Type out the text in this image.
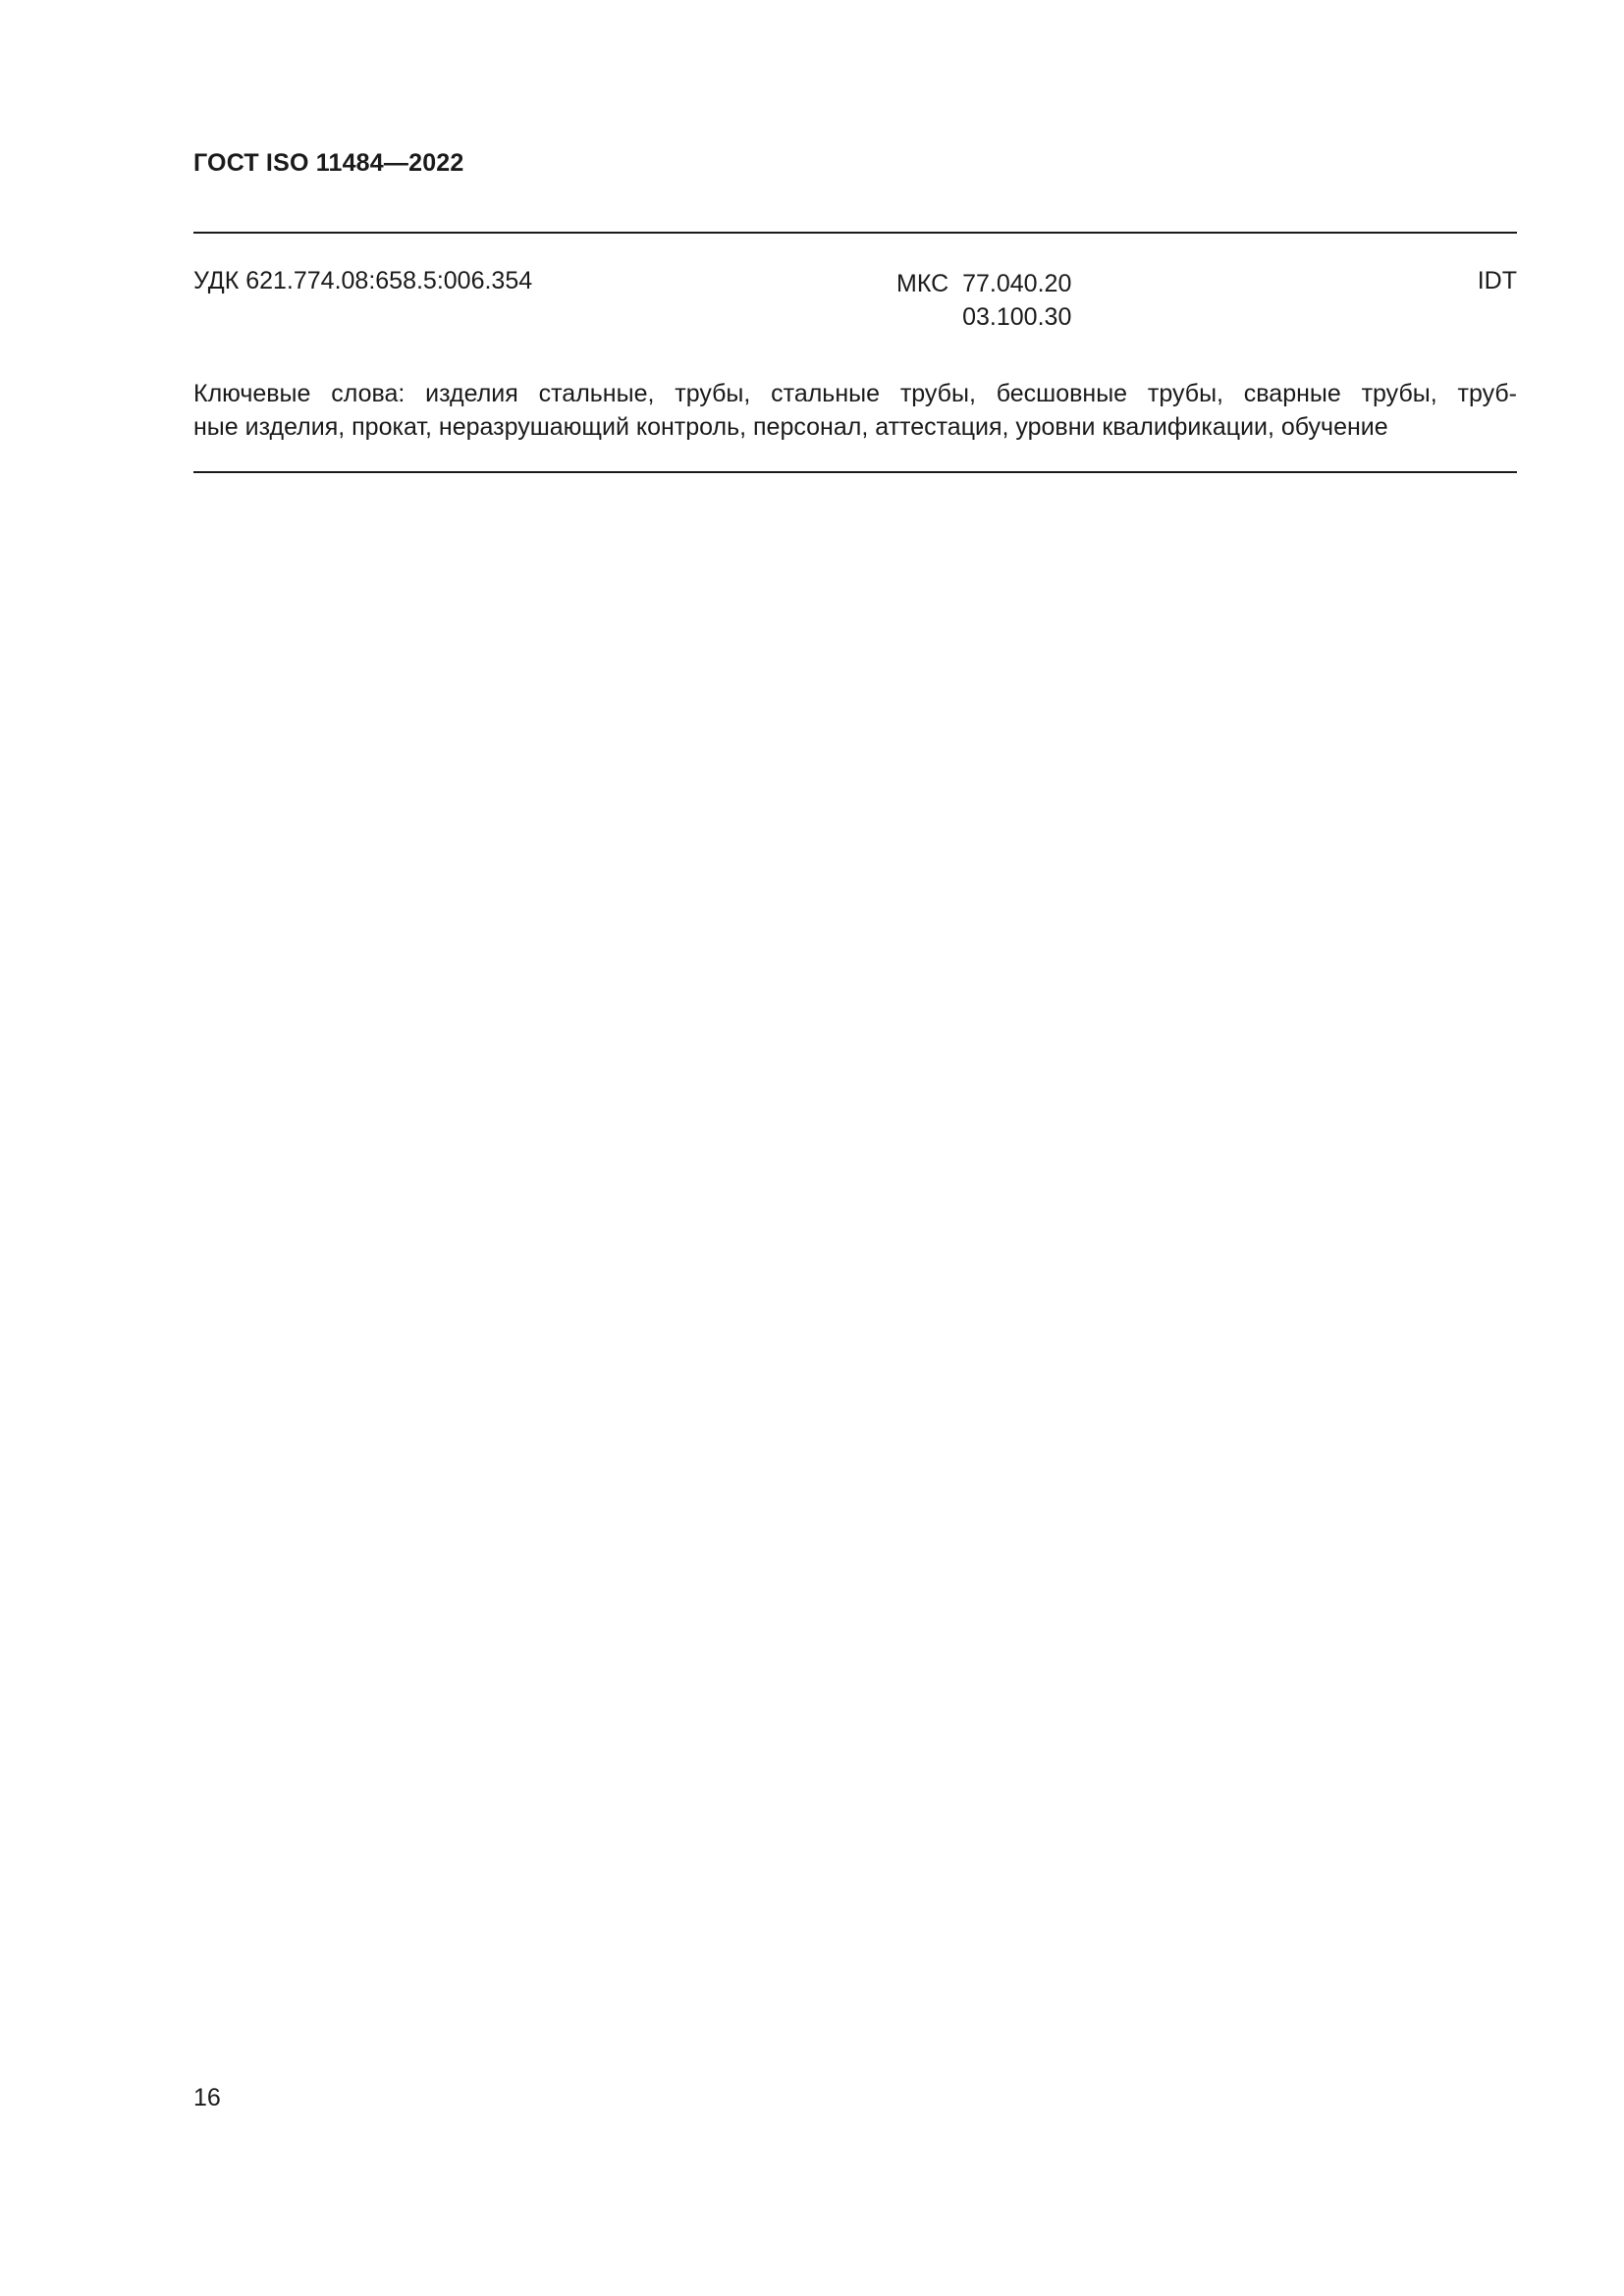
ГОСТ ISO 11484—2022
УДК 621.774.08:658.5:006.354	МКС 77.040.20
03.100.30
IDT
Ключевые слова: изделия стальные, трубы, стальные трубы, бесшовные трубы, сварные трубы, труб-
ные изделия, прокат, неразрушающий контроль, персонал, аттестация, уровни квалификации, обучение
16
